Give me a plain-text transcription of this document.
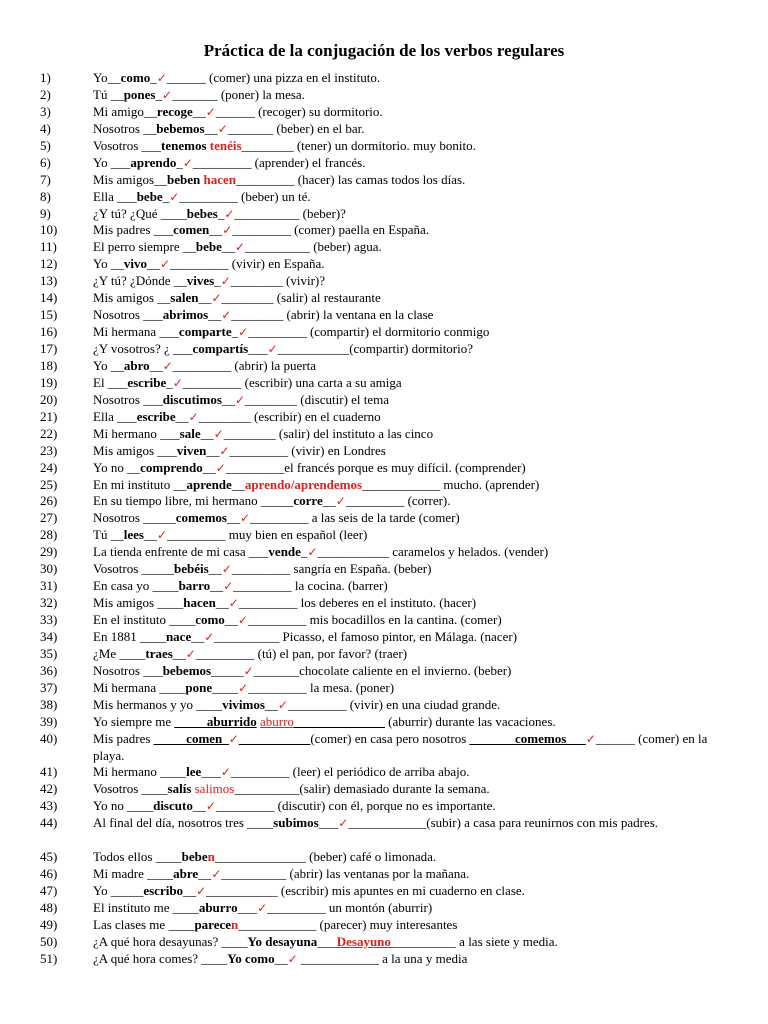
Práctica de la conjugación de los verbos regulares
1)	Yo__como_✓______ (comer) una pizza en el instituto.
2)	Tú __pones_✓_______ (poner) la mesa.
3)	Mi amigo__recoge__✓______ (recoger) su dormitorio.
4)	Nosotros __bebemos__✓_______ (beber) en el bar.
5)	Vosotros ___tenemos tenéis________ (tener) un dormitorio. muy bonito.
6)	Yo ___aprendo_✓_________ (aprender) el francés.
7)	Mis amigos__beben hacen_________ (hacer) las camas todos los días.
8)	Ella ___bebe_✓_________ (beber) un té.
9)	¿Y tú? ¿Qué ____bebes_✓__________ (beber)?
10)	Mis padres ___comen__✓_________ (comer) paella en España.
11)	El perro siempre __bebe__✓__________ (beber) agua.
12)	Yo __vivo__✓_________ (vivir) en España.
13)	¿Y tú? ¿Dónde __vives_✓________ (vivir)?
14)	Mis amigos __salen__✓________ (salir) al restaurante
15)	Nosotros ___abrimos__✓________ (abrir) la ventana en la clase
16)	Mi hermana ___comparte_✓_________ (compartir) el dormitorio conmigo
17)	¿Y vosotros? ¿ ___compartís___✓___________(compartir) dormitorio?
18)	Yo __abro__✓_________ (abrir) la puerta
19)	El ___escribe_✓_________ (escribir) una carta a su amiga
20)	Nosotros ___discutimos__✓________ (discutir) el tema
21)	Ella ___escribe__✓________ (escribir) en el cuaderno
22)	Mi hermano ___sale__✓________ (salir) del instituto a las cinco
23)	Mis amigos ___viven__✓_________ (vivir) en Londres
24)	Yo no __comprendo__✓_________el francés porque es muy difícil. (comprender)
25)	En mi instituto __aprende__aprendo/aprendemos____________ mucho. (aprender)
26)	En su tiempo libre, mi hermano _____corre__✓_________ (correr).
27)	Nosotros _____comemos__✓_________ a las seis de la tarde (comer)
28)	Tú __lees__✓_________ muy bien en español (leer)
29)	La tienda enfrente de mi casa ___vende_✓___________ caramelos y helados. (vender)
30)	Vosotros _____bebéis__✓_________ sangría en España. (beber)
31)	En casa yo ____barro__✓_________ la cocina. (barrer)
32)	Mis amigos ____hacen__✓_________ los deberes en el instituto. (hacer)
33)	En el instituto ____como__✓_________ mis bocadillos en la cantina. (comer)
34)	En 1881 ____nace__✓__________ Picasso, el famoso pintor, en Málaga. (nacer)
35)	¿Me ____traes__✓_________ (tú) el pan, por favor? (traer)
36)	Nosotros ___bebemos_____✓_______chocolate caliente en el invierno. (beber)
37)	Mi hermana ____pone____✓_________ la mesa. (poner)
38)	Mis hermanos y yo ____vivimos__✓_________ (vivir) en una ciudad grande.
39)	Yo siempre me _____aburrido aburro______________ (aburrir) durante las vacaciones.
40)	Mis padres _____comen_✓___________(comer) en casa pero nosotros _______comemos___✓______ (comer) en la playa.
41)	Mi hermano ____lee___✓_________ (leer) el periódico de arriba abajo.
42)	Vosotros ____salís salimos__________(salir) demasiado durante la semana.
43)	Yo no ____discuto__✓_________ (discutir) con él, porque no es importante.
44)	Al final del día, nosotros tres ____subimos___✓____________(subir) a casa para reunirnos con mis padres.
45)	Todos ellos ____beben______________ (beber) café o limonada.
46)	Mi madre ____abre__✓__________ (abrir) las ventanas por la mañana.
47)	Yo _____escribo__✓___________ (escribir) mis apuntes en mi cuaderno en clase.
48)	El instituto me ____aburro___✓_________ un montón (aburrir)
49)	Las clases me ____parecen____________ (parecer) muy interesantes
50)	¿A qué hora desayunas? ____Yo desayuna___Desayuno__________ a las siete y media.
51)	¿A qué hora comes? ____Yo como__✓ ____________ a la una y media
